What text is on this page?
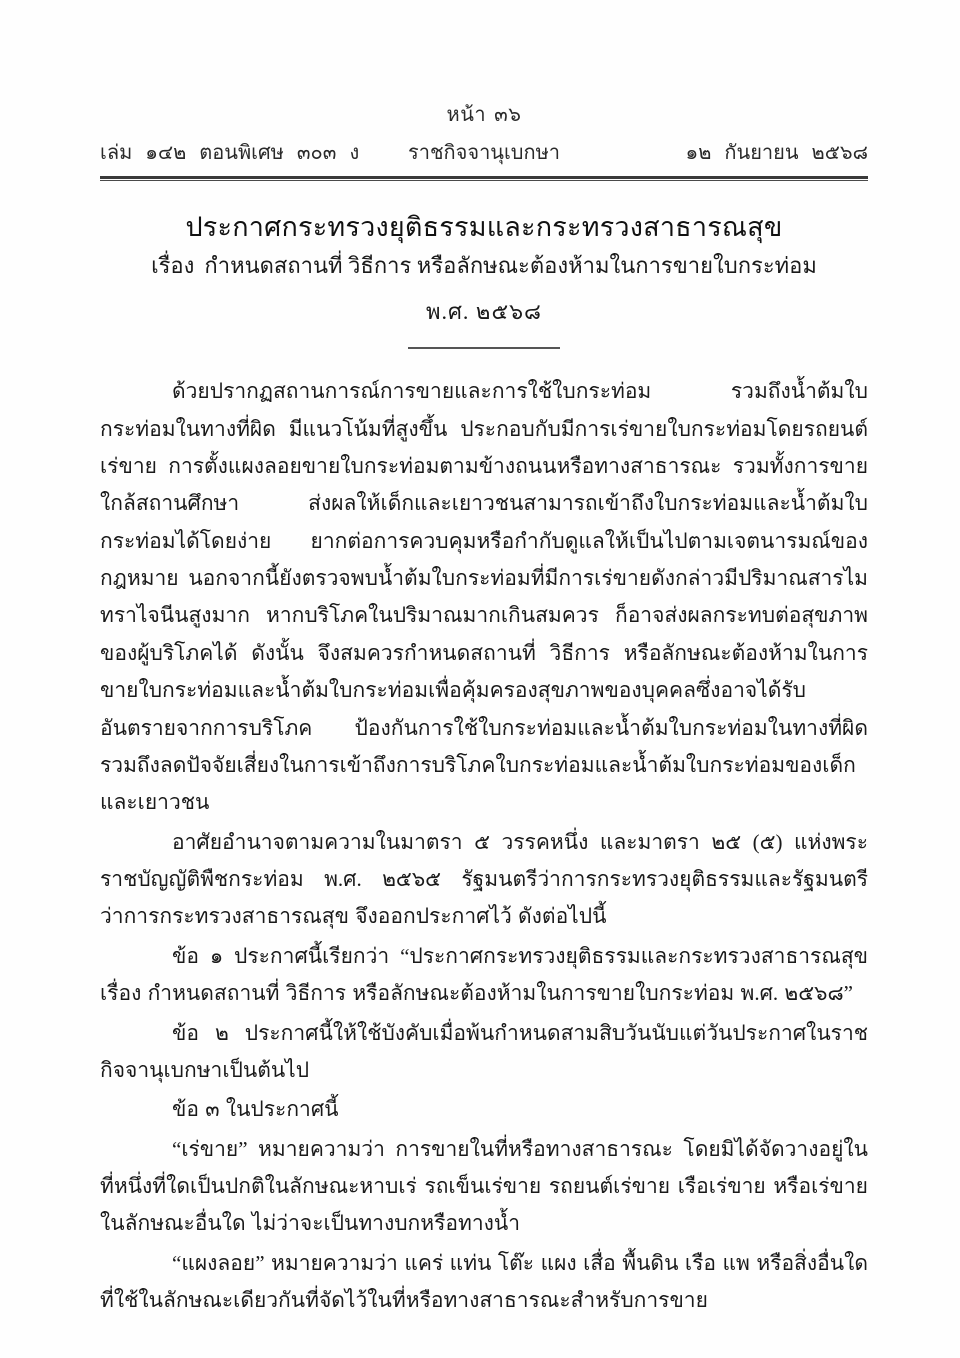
หน้า ๓๖
เล่ม ๑๔๒ ตอนพิเศษ ๓๐๓ ง ราชกิจจานุเบกษา	๑๒ กันยายน ๒๕๖๘
ประกาศกระทรวงยุติธรรมและกระทรวงสาธารณสุข
เรื่อง กำหนดสถานที่ วิธีการ หรือลักษณะต้องห้ามในการขายใบกระท่อม
พ.ศ. ๒๕๖๘

ด้วยปรากฏสถานการณ์การขายและการใช้ใบกระท่อม รวมถึงน้ำต้มใบกระท่อมในทางที่ผิด มีแนวโน้มที่สูงขึ้น ประกอบกับมีการเร่ขายใบกระท่อมโดยรถยนต์เร่ขาย การตั้งแผงลอยขายใบกระท่อมตามข้างถนนหรือทางสาธารณะ รวมทั้งการขายใกล้สถานศึกษา ส่งผลให้เด็กและเยาวชนสามารถเข้าถึงใบกระท่อมและน้ำต้มใบกระท่อมได้โดยง่าย ยากต่อการควบคุมหรือกำกับดูแลให้เป็นไปตามเจตนารมณ์ของกฎหมาย นอกจากนี้ยังตรวจพบน้ำต้มใบกระท่อมที่มีการเร่ขายดังกล่าวมีปริมาณสารไมทราไจนีนสูงมาก หากบริโภคในปริมาณมากเกินสมควร ก็อาจส่งผลกระทบต่อสุขภาพของผู้บริโภคได้ ดังนั้น จึงสมควรกำหนดสถานที่ วิธีการ หรือลักษณะต้องห้ามในการขายใบกระท่อมและน้ำต้มใบกระท่อมเพื่อคุ้มครองสุขภาพของบุคคลซึ่งอาจได้รับอันตรายจากการบริโภค ป้องกันการใช้ใบกระท่อมและน้ำต้มใบกระท่อมในทางที่ผิด รวมถึงลดปัจจัยเสี่ยงในการเข้าถึงการบริโภคใบกระท่อมและน้ำต้มใบกระท่อมของเด็กและเยาวชน

อาศัยอำนาจตามความในมาตรา ๕ วรรคหนึ่ง และมาตรา ๒๕ (๕) แห่งพระราชบัญญัติพืชกระท่อม พ.ศ. ๒๕๖๕ รัฐมนตรีว่าการกระทรวงยุติธรรมและรัฐมนตรีว่าการกระทรวงสาธารณสุข จึงออกประกาศไว้ ดังต่อไปนี้

ข้อ ๑ ประกาศนี้เรียกว่า “ประกาศกระทรวงยุติธรรมและกระทรวงสาธารณสุข เรื่อง กำหนดสถานที่ วิธีการ หรือลักษณะต้องห้ามในการขายใบกระท่อม พ.ศ. ๒๕๖๘”

ข้อ ๒ ประกาศนี้ให้ใช้บังคับเมื่อพ้นกำหนดสามสิบวันนับแต่วันประกาศในราชกิจจานุเบกษาเป็นต้นไป

ข้อ ๓ ในประกาศนี้

“เร่ขาย” หมายความว่า การขายในที่หรือทางสาธารณะ โดยมิได้จัดวางอยู่ในที่หนึ่งที่ใดเป็นปกติในลักษณะหาบเร่ รถเข็นเร่ขาย รถยนต์เร่ขาย เรือเร่ขาย หรือเร่ขายในลักษณะอื่นใด ไม่ว่าจะเป็นทางบกหรือทางน้ำ

“แผงลอย” หมายความว่า แคร่ แท่น โต๊ะ แผง เสื่อ พื้นดิน เรือ แพ หรือสิ่งอื่นใดที่ใช้ในลักษณะเดียวกันที่จัดไว้ในที่หรือทางสาธารณะสำหรับการขาย
